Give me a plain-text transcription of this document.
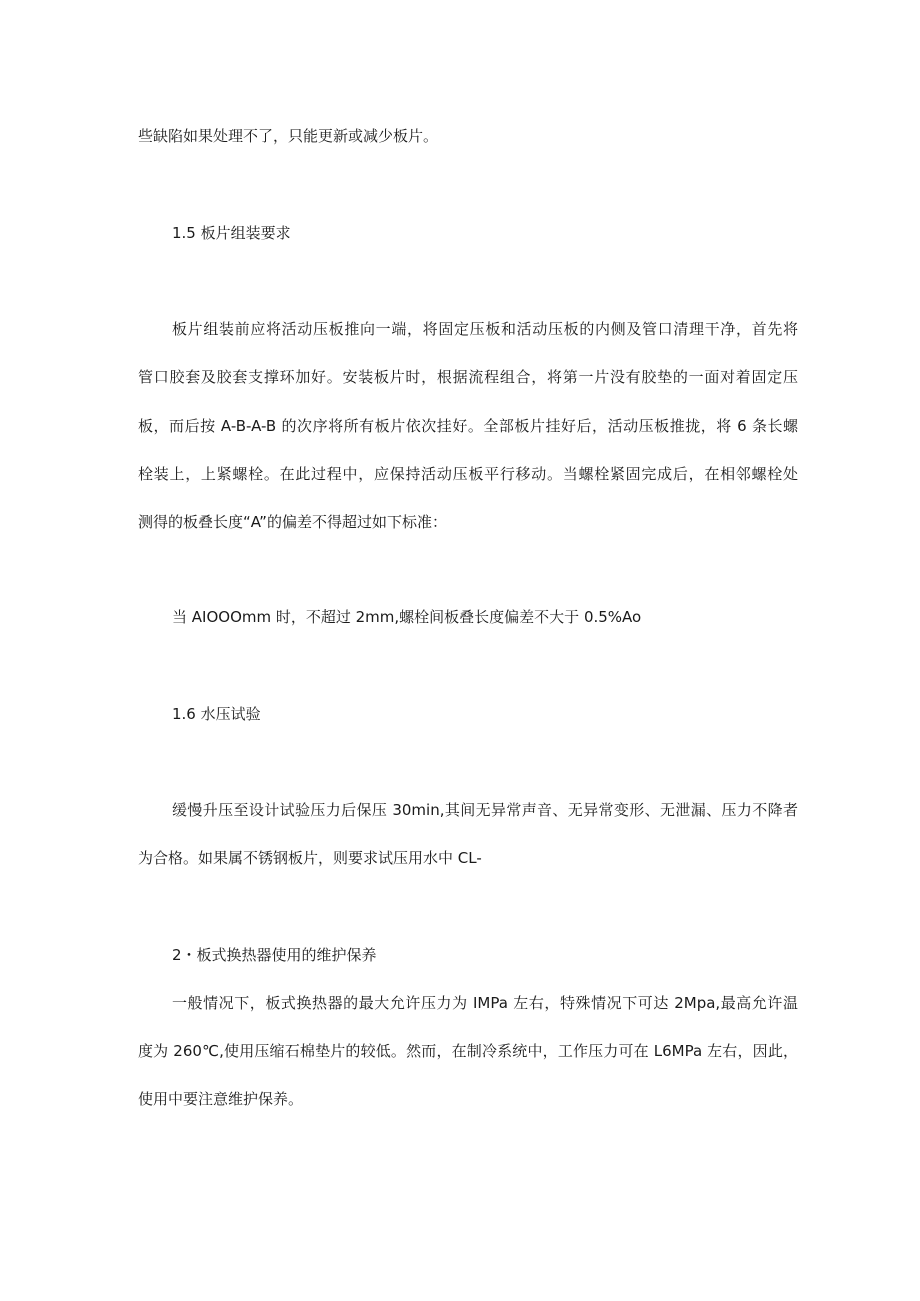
些缺陷如果处理不了，只能更新或减少板片。
1.5 板片组装要求
板片组装前应将活动压板推向一端，将固定压板和活动压板的内侧及管口清理干净，首先将
管口胶套及胶套支撑环加好。安装板片时，根据流程组合，将第一片没有胶垫的一面对着固定压
板，而后按 A-B-A-B 的次序将所有板片依次挂好。全部板片挂好后，活动压板推拢，将 6 条长螺
栓装上，上紧螺栓。在此过程中，应保持活动压板平行移动。当螺栓紧固完成后，在相邻螺栓处
测得的板叠长度“A”的偏差不得超过如下标准：
当 AIOOOmm 时，不超过 2mm,螺栓间板叠长度偏差不大于 0.5%Ao
1.6 水压试验
缓慢升压至设计试验压力后保压 30min,其间无异常声音、无异常变形、无泄漏、压力不降者
为合格。如果属不锈钢板片，则要求试压用水中 CL-
2・板式换热器使用的维护保养
一般情况下，板式换热器的最大允许压力为 IMPa 左右，特殊情况下可达 2Mpa,最高允许温
度为 260℃,使用压缩石棉垫片的较低。然而，在制冷系统中，工作压力可在 L6MPa 左右，因此，
使用中要注意维护保养。
